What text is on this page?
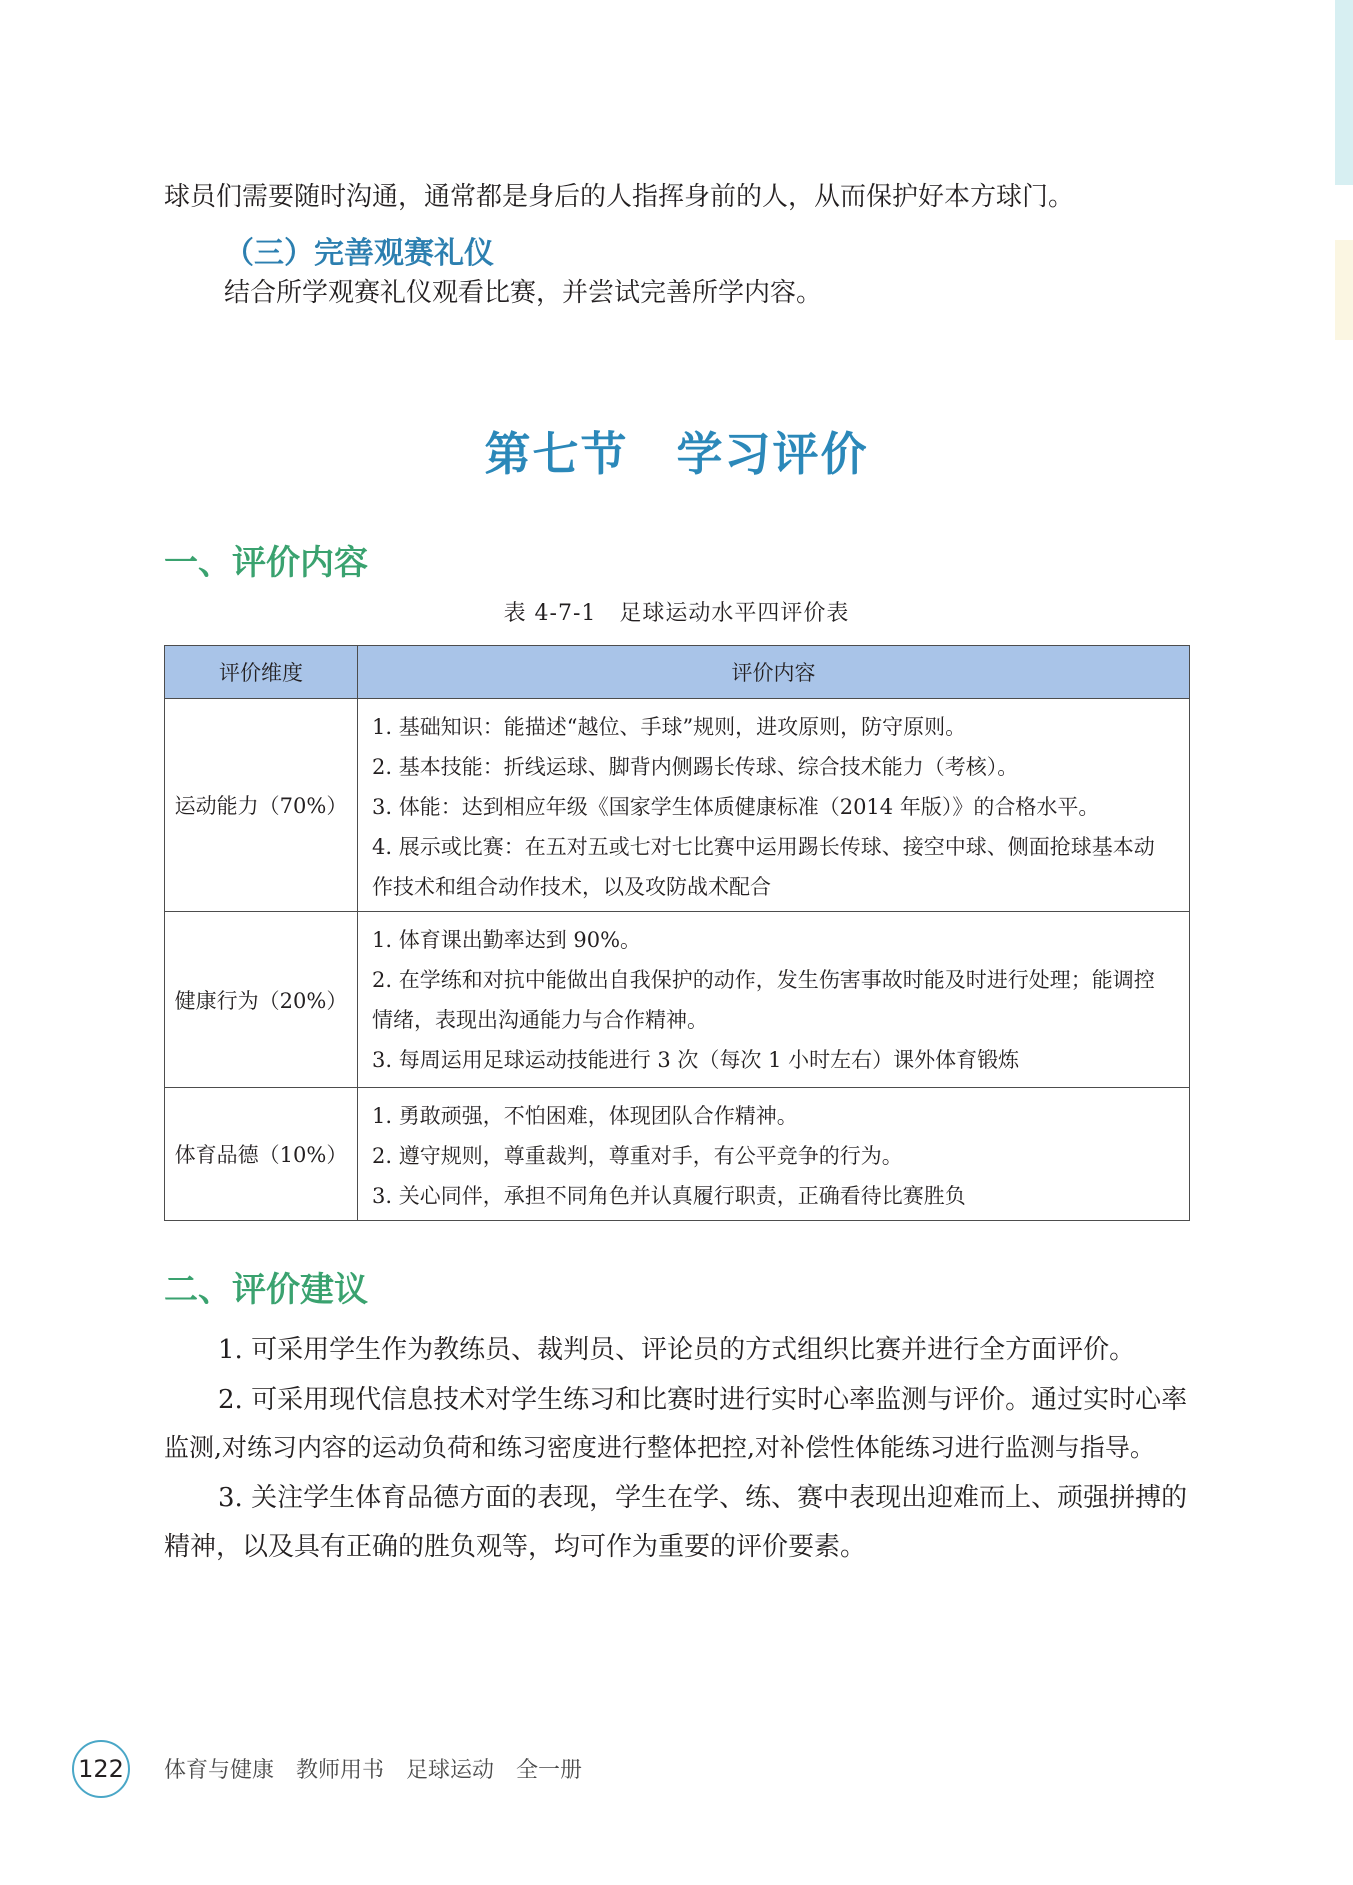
球员们需要随时沟通，通常都是身后的人指挥身前的人，从而保护好本方球门。
（三）完善观赛礼仪
结合所学观赛礼仪观看比赛，并尝试完善所学内容。
第七节　学习评价
一、评价内容
表 4-7-1　足球运动水平四评价表
评价维度	评价内容
运动能力（70%）	1. 基础知识：能描述“越位、手球”规则，进攻原则，防守原则。
2. 基本技能：折线运球、脚背内侧踢长传球、综合技术能力（考核）。
3. 体能：达到相应年级《国家学生体质健康标准（2014 年版）》的合格水平。
4. 展示或比赛：在五对五或七对七比赛中运用踢长传球、接空中球、侧面抢球基本动作技术和组合动作技术，以及攻防战术配合

健康行为（20%）	1. 体育课出勤率达到 90%。
2. 在学练和对抗中能做出自我保护的动作，发生伤害事故时能及时进行处理；能调控情绪，表现出沟通能力与合作精神。
3. 每周运用足球运动技能进行 3 次（每次 1 小时左右）课外体育锻炼

体育品德（10%）	1. 勇敢顽强，不怕困难，体现团队合作精神。
2. 遵守规则，尊重裁判，尊重对手，有公平竞争的行为。
3. 关心同伴，承担不同角色并认真履行职责，正确看待比赛胜负
二、评价建议
1. 可采用学生作为教练员、裁判员、评论员的方式组织比赛并进行全方面评价。
2. 可采用现代信息技术对学生练习和比赛时进行实时心率监测与评价。通过实时心率
监测,对练习内容的运动负荷和练习密度进行整体把控,对补偿性体能练习进行监测与指导。
3. 关注学生体育品德方面的表现，学生在学、练、赛中表现出迎难而上、顽强拼搏的
精神，以及具有正确的胜负观等，均可作为重要的评价要素。
122 体育与健康　教师用书　足球运动　全一册
